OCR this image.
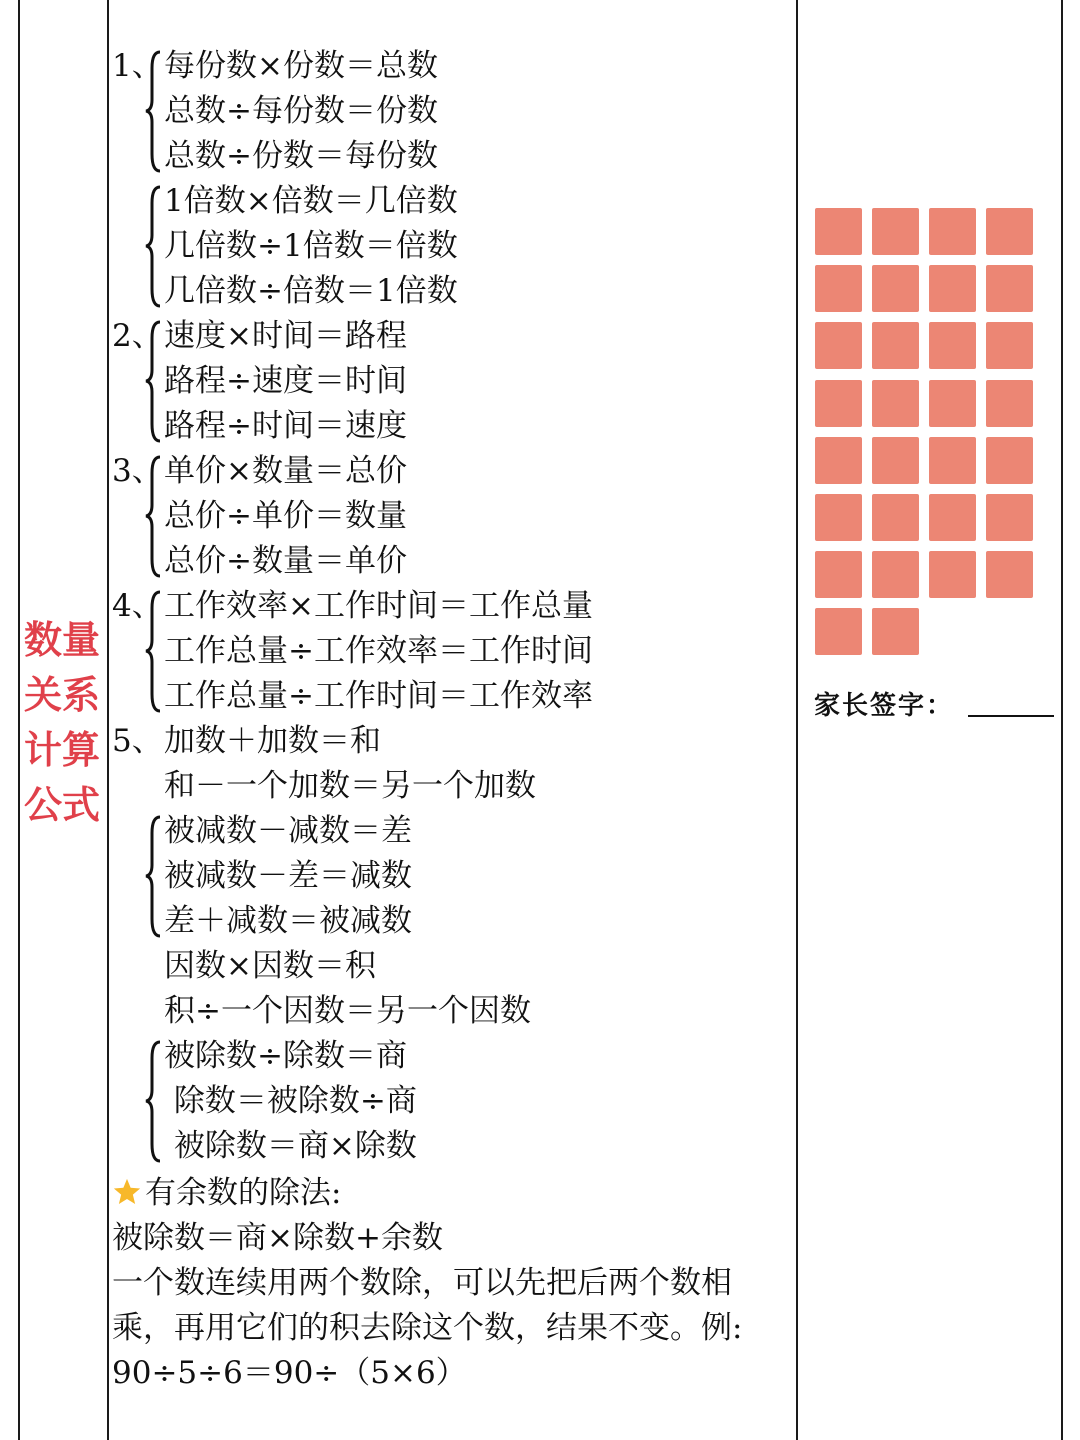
数量
关系
计算
公式
1、 每份数×份数＝总数
总数÷每份数＝份数
总数÷份数＝每份数
1倍数×倍数＝几倍数
几倍数÷1倍数＝倍数
几倍数÷倍数＝1倍数
2、 速度×时间＝路程
路程÷速度＝时间
路程÷时间＝速度
3、 单价×数量＝总价
总价÷单价＝数量
总价÷数量＝单价
4、 工作效率×工作时间＝工作总量
工作总量÷工作效率＝工作时间
工作总量÷工作时间＝工作效率
5、 加数＋加数＝和
和－一个加数＝另一个加数
被减数－减数＝差
被减数－差＝减数
差＋减数＝被减数
因数×因数＝积
积÷一个因数＝另一个因数
被除数÷除数＝商
除数＝被除数÷商
被除数＝商×除数
有余数的除法:
被除数＝商×除数+余数
一个数连续用两个数除，可以先把后两个数相
乘，再用它们的积去除这个数，结果不变。例:
90÷5÷6＝90÷（5×6）
家长签字：
